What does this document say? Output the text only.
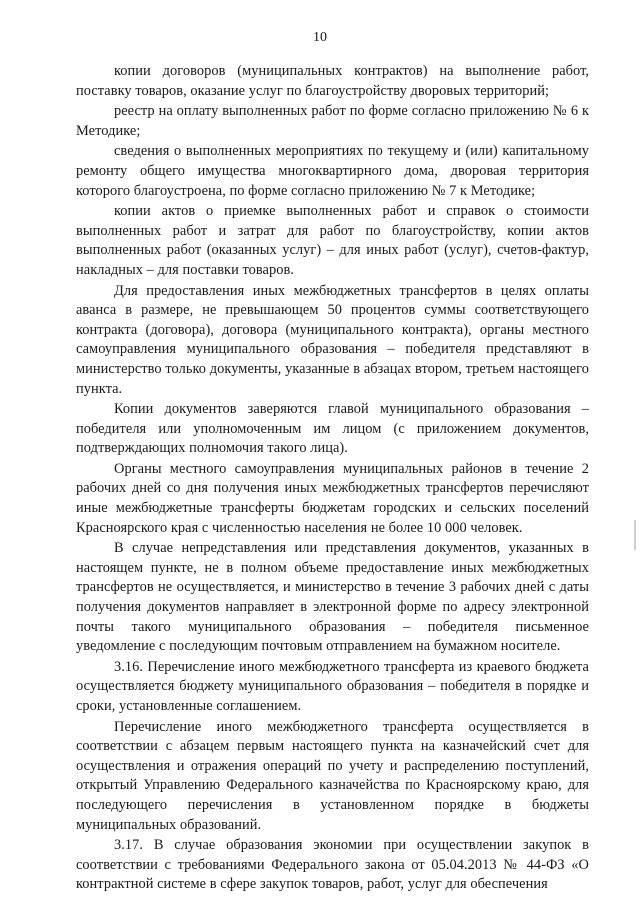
10

копии договоров (муниципальных контрактов) на выполнение работ, поставку товаров, оказание услуг по благоустройству дворовых территорий;

реестр на оплату выполненных работ по форме согласно приложению № 6 к Методике;

сведения о выполненных мероприятиях по текущему и (или) капитальному ремонту общего имущества многоквартирного дома, дворовая территория которого благоустроена, по форме согласно приложению № 7 к Методике;

копии актов о приемке выполненных работ и справок о стоимости выполненных работ и затрат для работ по благоустройству, копии актов выполненных работ (оказанных услуг) – для иных работ (услуг), счетов-фактур, накладных – для поставки товаров.

Для предоставления иных межбюджетных трансфертов в целях оплаты аванса в размере, не превышающем 50 процентов суммы соответствующего контракта (договора), договора (муниципального контракта), органы местного самоуправления муниципального образования – победителя представляют в министерство только документы, указанные в абзацах втором, третьем настоящего пункта.

Копии документов заверяются главой муниципального образования – победителя или уполномоченным им лицом (с приложением документов, подтверждающих полномочия такого лица).

Органы местного самоуправления муниципальных районов в течение 2 рабочих дней со дня получения иных межбюджетных трансфертов перечисляют иные межбюджетные трансферты бюджетам городских и сельских поселений Красноярского края с численностью населения не более 10 000 человек.

В случае непредставления или представления документов, указанных в настоящем пункте, не в полном объеме предоставление иных межбюджетных трансфертов не осуществляется, и министерство в течение 3 рабочих дней с даты получения документов направляет в электронной форме по адресу электронной почты такого муниципального образования – победителя письменное уведомление с последующим почтовым отправлением на бумажном носителе.

3.16. Перечисление иного межбюджетного трансферта из краевого бюджета осуществляется бюджету муниципального образования – победителя в порядке и сроки, установленные соглашением.

Перечисление иного межбюджетного трансферта осуществляется в соответствии с абзацем первым настоящего пункта на казначейский счет для осуществления и отражения операций по учету и распределению поступлений, открытый Управлению Федерального казначейства по Красноярскому краю, для последующего перечисления в установленном порядке в бюджеты муниципальных образований.

3.17. В случае образования экономии при осуществлении закупок в соответствии с требованиями Федерального закона от 05.04.2013 № 44-ФЗ «О контрактной системе в сфере закупок товаров, работ, услуг для обеспечения
